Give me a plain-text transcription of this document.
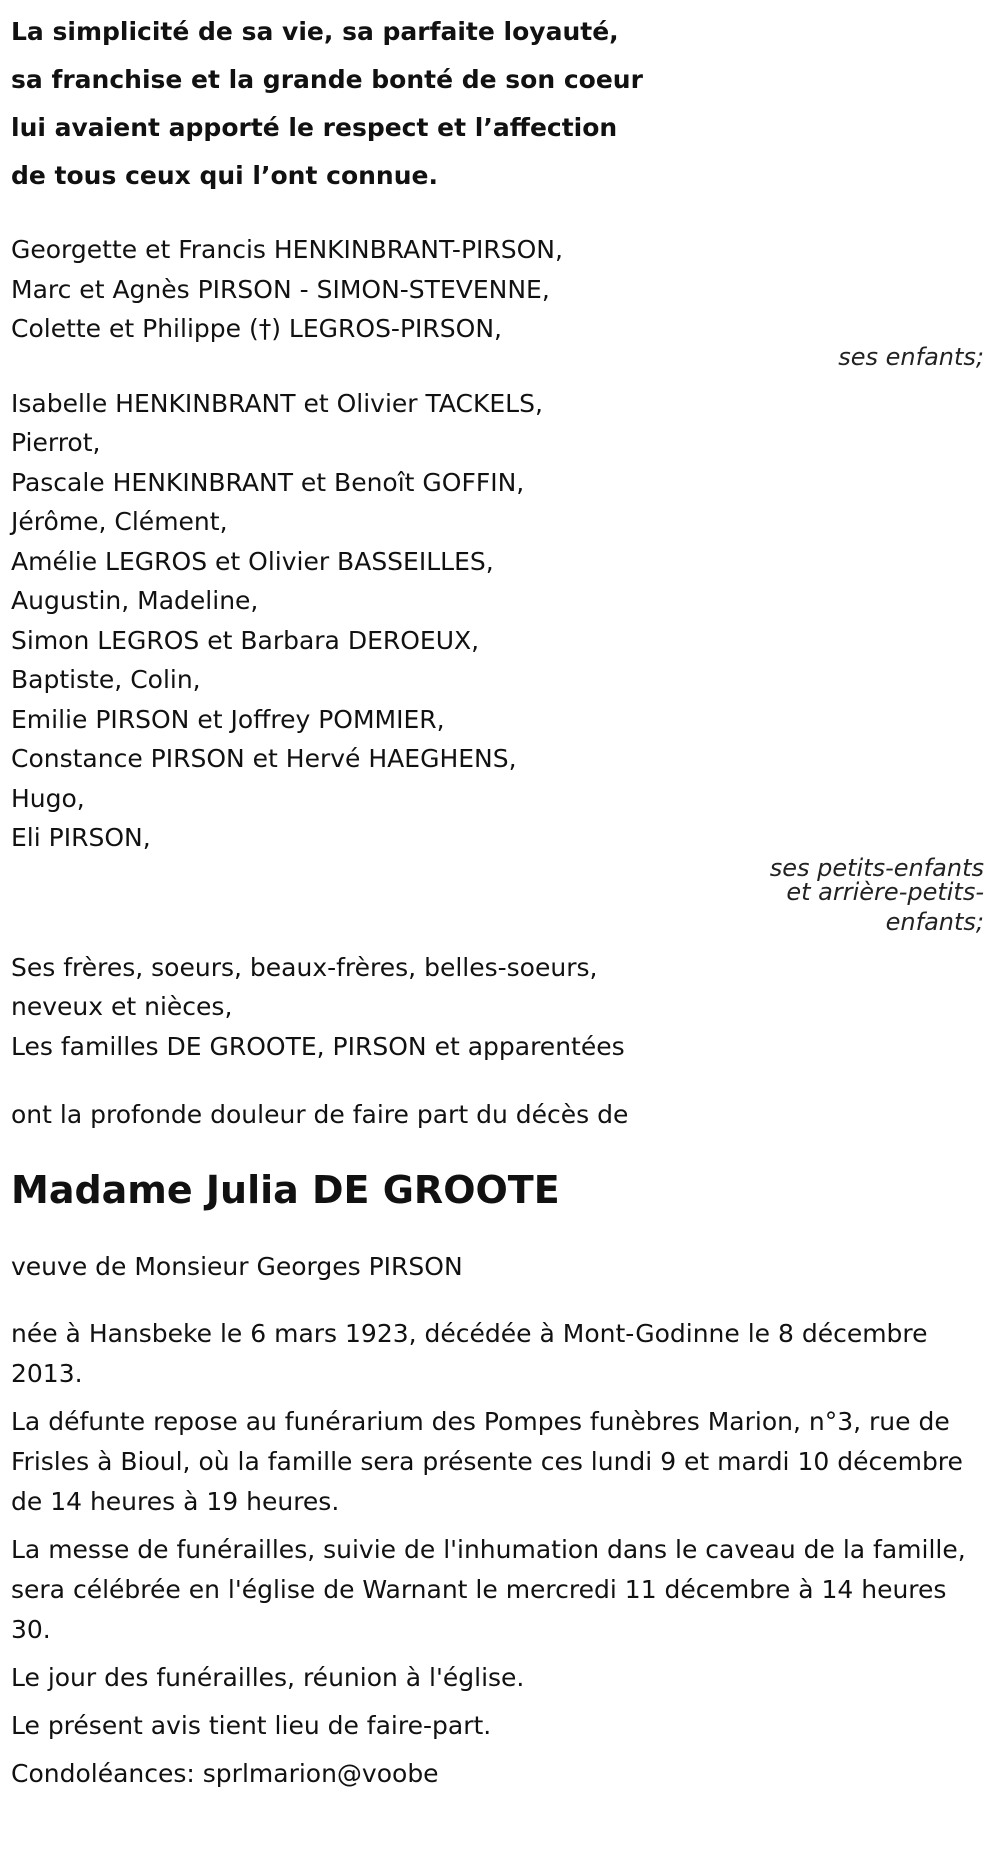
La simplicité de sa vie, sa parfaite loyauté,
sa franchise et la grande bonté de son coeur
lui avaient apporté le respect et l’affection
de tous ceux qui l’ont connue.
Georgette et Francis HENKINBRANT-PIRSON,
Marc et Agnès PIRSON - SIMON-STEVENNE,
Colette et Philippe (†) LEGROS-PIRSON,
ses enfants;
Isabelle HENKINBRANT et Olivier TACKELS,
Pierrot,
Pascale HENKINBRANT et Benoît GOFFIN,
Jérôme, Clément,
Amélie LEGROS et Olivier BASSEILLES,
Augustin, Madeline,
Simon LEGROS et Barbara DEROEUX,
Baptiste, Colin,
Emilie PIRSON et Joffrey POMMIER,
Constance PIRSON et Hervé HAEGHENS,
Hugo,
Eli PIRSON,
ses petits-enfants
et arrière-petits-
enfants;
Ses frères, soeurs, beaux-frères, belles-soeurs,
neveux et nièces,
Les familles DE GROOTE, PIRSON et apparentées

ont la profonde douleur de faire part du décès de

Madame Julia DE GROOTE

veuve de Monsieur Georges PIRSON

née à Hansbeke le 6 mars 1923, décédée à Mont-Godinne le 8 décembre 2013.

La défunte repose au funérarium des Pompes funèbres Marion, n°3, rue de Frisles à Bioul, où la famille sera présente ces lundi 9 et mardi 10 décembre de 14 heures à 19 heures.

La messe de funérailles, suivie de l'inhumation dans le caveau de la famille, sera célébrée en l'église de Warnant le mercredi 11 décembre à 14 heures 30.

Le jour des funérailles, réunion à l'église.

Le présent avis tient lieu de faire-part.

Condoléances: sprlmarion@voobe
